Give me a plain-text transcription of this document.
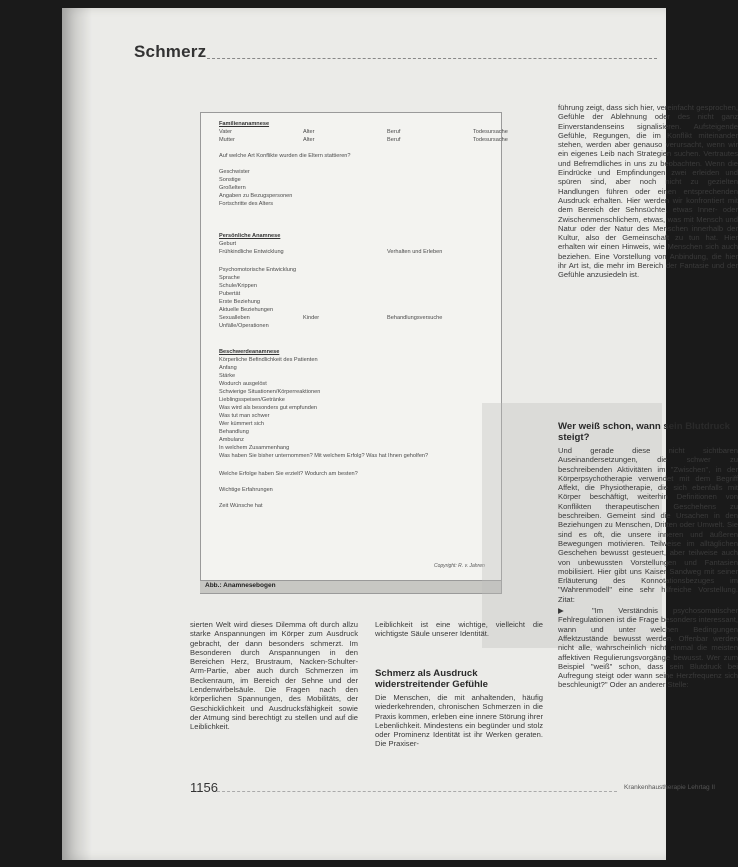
Schmerz
Familienanamnese
Vater	Alter	Beruf	Todesursache
Mutter	Alter	Beruf	Todesursache
Auf welche Art Konflikte wurden die Eltern stattieren?
Geschwister
Sonstige
Großeltern
Angaben zu Bezugspersonen
Fortschritte des Alters
Persönliche Anamnese
Geburt
Frühkindliche Entwicklung	Verhalten und Erleben
Psychomotorische Entwicklung
Sprache
Schule/Krippen
Pubertät
Erste Beziehung
Aktuelle Beziehungen
Sexualleben	Kinder	Behandlungsversuche
Unfälle/Operationen
Beschwerdeanamnese
Körperliche Befindlichkeit des Patienten
Anfang
Stärke
Wodurch ausgelöst
Schwierige Situationen/Körperreaktionen
Lieblingsspeisen/Getränke
Was wird als besonders gut empfunden
Was tut man schwer
Wer kümmert sich
Behandlung
Ambulanz
In welchem Zusammenhang
Was haben Sie bisher unternommen? Mit welchem Erfolg? Was hat Ihnen geholfen?
Welche Erfolge haben Sie erzielt? Wodurch am besten?
Wichtige Erfahrungen
Zeit Wünsche hat
Copyright: R. v. Jahren
Abb.: Anamnesebogen

führung zeigt, dass sich hier, vereinfacht gesprochen, Gefühle der Ablehnung oder des nicht ganz Einverstandenseins signalisieren. Aufsteigende Gefühle, Regungen, die im Konflikt miteinander stehen, werden aber genauso verursacht, wenn wir ein eigenes Leib nach Strategien suchen. Vertrautes und Befremdliches in uns zu beobachten. Wenn die Eindrücke und Empfindungen zwei erleiden und spüren sind, aber noch nicht zu gezielten Handlungen führen oder einen entsprechenden Ausdruck erhalten. Hier werden wir konfrontiert mit dem Bereich der Sehnsüchte, etwas Inner- oder Zwischenmenschlichem, etwas, was mit Mensch und Natur oder der Natur des Menschen innerhalb der Kultur, also der Gemeinschaft zu tun hat. Hier erhalten wir einen Hinweis, wie Menschen sich auch beziehen. Eine Vorstellung von Anbindung, die hier ihr Art ist, die mehr im Bereich der Fantasie und der Gefühle anzusiedeln ist.

Wer weiß schon, wann sein Blutdruck steigt?

Und gerade diese nicht sichtbaren Auseinandersetzungen, die schwer zu beschreibenden Aktivitäten im "Zwischen", in der Körperpsychotherapie verwendet mit dem Begriff Affekt, die Physiotherapie, die sich ebenfalls mit Körper beschäftigt, weiterhin Definitionen von Konflikten therapeutischen Geschehens zu beschreiben. Gemeint sind die Ursachen in den Beziehungen zu Menschen, Dritten oder Umwelt. Sie sind es oft, die unsere inneren und äußeren Bewegungen motivieren. Teilweise im alltäglichen Geschehen bewusst gesteuert, aber teilweise auch von unbewussten Vorstellungen und Fantasien mobilisiert. Hier gibt uns Kaiser Sandweg mit seiner Erläuterung des Konnotationsbezuges im "Wahrenmodell" eine sehr hilfreiche Vorstellung. Zitat:

▶ "Im Verständnis psychosomatischer Fehlregulationen ist die Frage besonders interessant, wann und unter welchen Bedingungen Affektzustände bewusst werden. Offenbar werden nicht alle, wahrscheinlich nicht einmal die meisten affektiven Regulierungsvorgänge bewusst. Wer zum Beispiel "weiß" schon, dass sein Blutdruck bei Aufregung steigt oder wann seine Herzfrequenz sich beschleunigt?" Oder an anderer Stelle:

sierten Welt wird dieses Dilemma oft durch allzu starke Anspannungen im Körper zum Ausdruck gebracht, der dann besonders schmerzt. Im Besonderen durch Anspannungen in den Bereichen Herz, Brustraum, Nacken-Schulter-Arm-Partie, aber auch durch Schmerzen im Beckenraum, im Bereich der Sehne und der Lendenwirbelsäule. Die Fragen nach den körperlichen Spannungen, des Mobilitäts, der Geschicklichkeit und Ausdrucksfähigkeit sowie der Atmung sind berechtigt zu stellen und auf die Leiblichkeit.

Leiblichkeit ist eine wichtige, vielleicht die wichtigste Säule unserer Identität.

Schmerz als Ausdruck widerstreitender Gefühle

Die Menschen, die mit anhaltenden, häufig wiederkehrenden, chronischen Schmerzen in die Praxis kommen, erleben eine innere Störung ihrer Lebenlichkeit. Mindestens ein begünder und stolz oder Prominenz Identität ist ihr Werken geraten. Die Praxiser-

1156	Krankenhaustherapie Lehrtag II
